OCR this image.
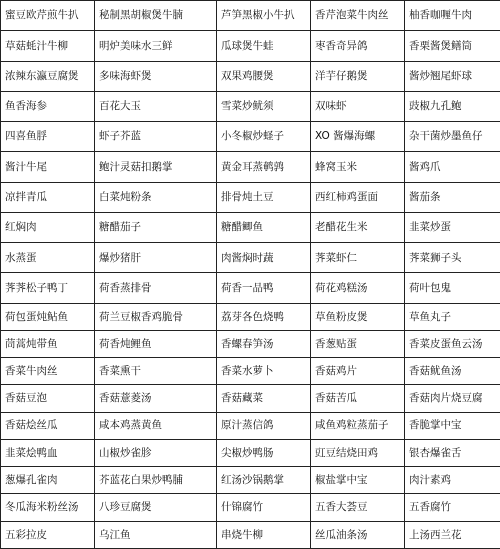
蜜豆欧芹煎牛扒	秘制黑胡椒煲牛腩	芦笋黑椒小牛扒	香芹泡菜牛肉丝	柚香咖喱牛肉
草菇蚝汁牛柳	明炉美味水三鲜	瓜球煲牛蛙	枣香奇异鸽	香栗酱煲鳝筒
浓辣东瀛豆腐煲	多味海虾煲	双果鸡腰煲	洋芋仔鹅煲	酱炒翘尾虾球
鱼香海参	百花大玉	雪菜炒鱿须	双味虾	豉椒九孔鲍
四喜鱼脬	虾子芥蓝	小冬椒炒蛏子	XO 酱爆海螺	杂干菌炒墨鱼仔
酱汁牛尾	鲍汁灵菇扣鹅掌	黄金耳蒸鹌鹑	蜂窝玉米	酱鸡爪
凉拌青瓜	白菜炖粉条	排骨炖土豆	西红柿鸡蛋面	酱茄条
红焖肉	糖醋茄子	糖醋鲫鱼	老醋花生米	韭菜炒蛋
水蒸蛋	爆炒猪肝	肉酱焖时蔬	荠菜虾仁	荠菜狮子头
荠荠松子鸭丁	荷香蒸排骨	荷香一品鸭	荷花鸡糕汤	荷叶包鬼
荷包蛋炖鲇鱼	荷兰豆椒香鸡脆骨	荔芽各色烧鸭	草鱼粉皮煲	草鱼丸子
茼蒿炖带鱼	荷香炖鲤鱼	香螺春笋汤	香葱贴蛋	香菜皮蛋鱼云汤
香菜牛肉丝	香菜熏干	香菜水萝卜	香菇鸡片	香菇鱿鱼汤
香菇豆泡	香菇薏菱汤	香菇藏菜	香菇苦瓜	香菇肉片烧豆腐
香菇烩丝瓜	咸本鸡蒸黄鱼	原汁蒸信鸽	咸鱼鸡粒蒸茄子	香脆掌中宝
韭菜烩鸭血	山椒炒雀胗	尖椒炒鸭肠	豇豆结烧田鸡	银杏爆雀舌
葱爆孔雀肉	芥蓝花白果炒鸭脯	红汤沙锅鹅掌	椒盐掌中宝	肉汁素鸡
冬瓜海米粉丝汤	八珍豆腐煲	什锦腐竹	五香大荟豆	五香腐竹
五彩拉皮	乌江鱼	串烧牛柳	丝瓜油条汤	上汤西兰花
